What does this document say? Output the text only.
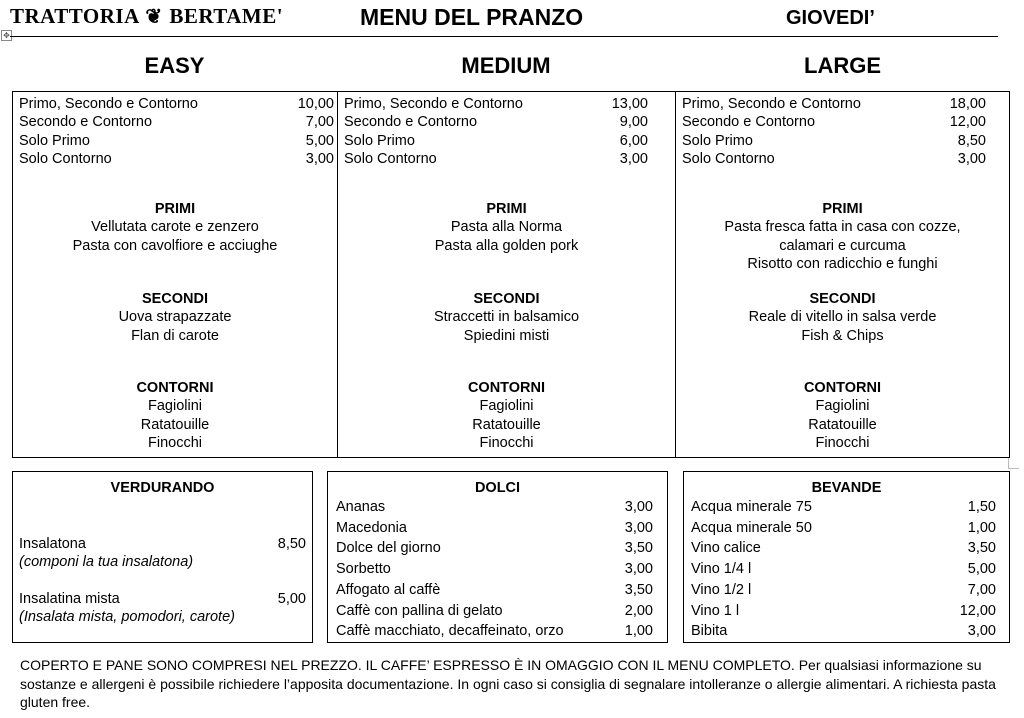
TRATTORIA ❦ BERTAME'	MENU DEL PRANZO	GIOVEDI’
✥
EASY	MEDIUM	LARGE
Primo, Secondo e Contorno	10,00
Secondo e Contorno	7,00
Solo Primo	5,00
Solo Contorno	3,00
PRIMI
Vellutata carote e zenzero
Pasta con cavolfiore e acciughe
SECONDI
Uova strapazzate
Flan di carote
CONTORNI
Fagiolini
Ratatouille
Finocchi
Primo, Secondo e Contorno	13,00
Secondo e Contorno	9,00
Solo Primo	6,00
Solo Contorno	3,00
PRIMI
Pasta alla Norma
Pasta alla golden pork
SECONDI
Straccetti in balsamico
Spiedini misti
CONTORNI
Fagiolini
Ratatouille
Finocchi
Primo, Secondo e Contorno	18,00
Secondo e Contorno	12,00
Solo Primo	8,50
Solo Contorno	3,00
PRIMI
Pasta fresca fatta in casa con cozze,
calamari e curcuma
Risotto con radicchio e funghi
SECONDI
Reale di vitello in salsa verde
Fish & Chips
CONTORNI
Fagiolini
Ratatouille
Finocchi
VERDURANDO
Insalatona	8,50
(componi la tua insalatona)
Insalatina mista	5,00
(Insalata mista, pomodori, carote)
DOLCI
Ananas	3,00
Macedonia	3,00
Dolce del giorno	3,50
Sorbetto	3,00
Affogato al caffè	3,50
Caffè con pallina di gelato	2,00
Caffè macchiato, decaffeinato, orzo	1,00
BEVANDE
Acqua minerale 75	1,50
Acqua minerale 50	1,00
Vino calice	3,50
Vino 1/4 l	5,00
Vino 1/2 l	7,00
Vino 1 l	12,00
Bibita	3,00
COPERTO E PANE SONO COMPRESI NEL PREZZO. IL CAFFE’ ESPRESSO È IN OMAGGIO CON IL MENU COMPLETO. Per qualsiasi informazione su sostanze e allergeni è possibile richiedere l’apposita documentazione. In ogni caso si consiglia di segnalare intolleranze o allergie alimentari. A richiesta pasta gluten free.
